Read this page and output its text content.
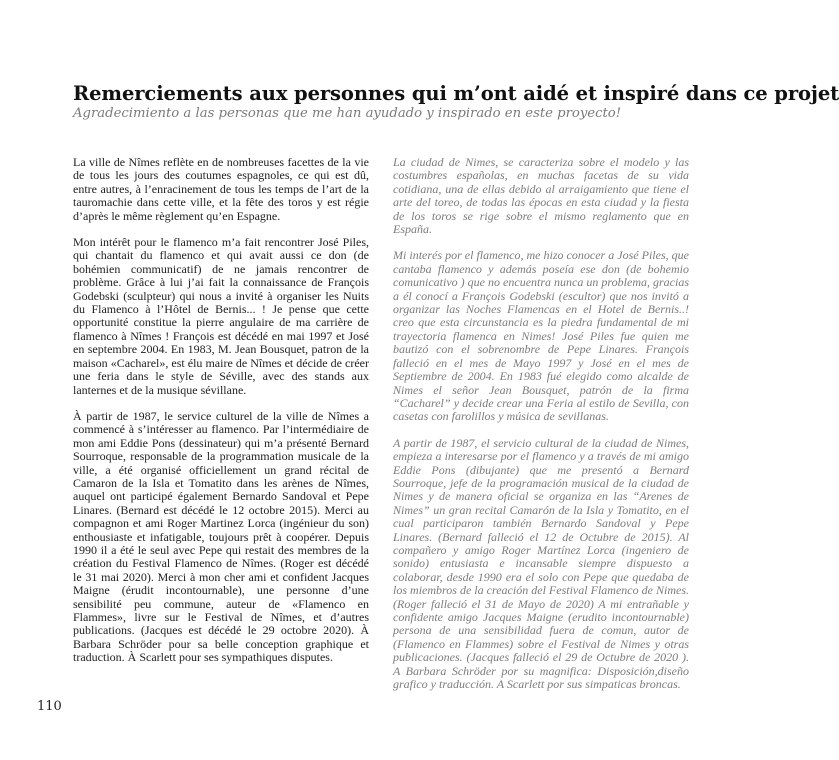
Remerciements aux personnes qui m’ont aidé et inspiré dans ce projet

Agradecimiento a las personas que me han ayudado y inspirado en este proyecto!

La ville de Nîmes reflète en de nombreuses facettes de la vie de tous les jours des coutumes espagnoles, ce qui est dû, entre autres, à l’enracinement de tous les temps de l’art de la tauromachie dans cette ville, et la fête des toros y est régie d’après le même règlement qu’en Espagne.

Mon intérêt pour le flamenco m’a fait rencontrer José Piles, qui chantait du flamenco et qui avait aussi ce don (de bohémien communicatif) de ne jamais rencontrer de problème. Grâce à lui j’ai fait la connaissance de François Godebski (sculpteur) qui nous a invité à organiser les Nuits du Flamenco à l’Hôtel de Bernis... ! Je pense que cette opportunité constitue la pierre angulaire de ma carrière de flamenco à Nîmes ! François est décédé en mai 1997 et José en septembre 2004. En 1983, M. Jean Bousquet, patron de la maison «Cacharel», est élu maire de Nîmes et décide de créer une feria dans le style de Séville, avec des stands aux lanternes et de la musique sévillane.

À partir de 1987, le service culturel de la ville de Nîmes a commencé à s’intéresser au flamenco. Par l’intermédiaire de mon ami Eddie Pons (dessinateur) qui m’a présenté Bernard Sourroque, responsable de la programmation musicale de la ville, a été organisé officiellement un grand récital de Camaron de la Isla et Tomatito dans les arènes de Nîmes, auquel ont participé également Bernardo Sandoval et Pepe Linares. (Bernard est décédé le 12 octobre 2015). Merci au compagnon et ami Roger Martinez Lorca (ingénieur du son) enthousiaste et infatigable, toujours prêt à coopérer. Depuis 1990 il a été le seul avec Pepe qui restait des membres de la création du Festival Flamenco de Nîmes. (Roger est décédé le 31 mai 2020). Merci à mon cher ami et confident Jacques Maigne (érudit incontournable), une personne d’une sensibilité peu commune, auteur de «Flamenco en Flammes», livre sur le Festival de Nîmes, et d’autres publications. (Jacques est décédé le 29 octobre 2020). À Barbara Schröder pour sa belle conception graphique et traduction. À Scarlett pour ses sympathiques disputes.

La ciudad de Nimes, se caracteriza sobre el modelo y las costumbres españolas, en muchas facetas de su vida cotidiana, una de ellas debido al arraigamiento que tiene el arte del toreo, de todas las épocas en esta ciudad y la fiesta de los toros se rige sobre el mismo reglamento que en España.

Mi interés por el flamenco, me hizo conocer a José Piles, que cantaba flamenco y además poseía ese don (de bohemio comunicativo ) que no encuentra nunca un problema, gracias a él conocí a François Godebski (escultor) que nos invitó a organizar las Noches Flamencas en el Hotel de Bernis..! creo que esta circunstancia es la piedra fundamental de mi trayectoria flamenca en Nimes! José Piles fue quien me bautizó con el sobrenombre de Pepe Linares. François falleció en el mes de Mayo 1997 y José en el mes de Septiembre de 2004. En 1983 fué elegido como alcalde de Nimes el señor Jean Bousquet, patrón de la firma “Cacharel” y decide crear una Feria al estilo de Sevilla, con casetas con farolillos y música de sevillanas.

A partir de 1987, el servicio cultural de la ciudad de Nimes, empieza a interesarse por el flamenco y a través de mi amigo Eddie Pons (dibujante) que me presentó a Bernard Sourroque, jefe de la programación musical de la ciudad de Nimes y de manera oficial se organiza en las “Arenes de Nimes” un gran recital Camarón de la Isla y Tomatito, en el cual participaron también Bernardo Sandoval y Pepe Linares. (Bernard falleció el 12 de Octubre de 2015). Al compañero y amigo Roger Martínez Lorca (ingeniero de sonido) entusiasta e incansable siempre dispuesto a colaborar, desde 1990 era el solo con Pepe que quedaba de los miembros de la creación del Festival Flamenco de Nimes. (Roger falleció el 31 de Mayo de 2020) A mi entrañable y confidente amigo Jacques Maigne (erudito incontournable) persona de una sensibilidad fuera de comun, autor de (Flamenco en Flammes) sobre el Festival de Nimes y otras publicaciones. (Jacques falleció el 29 de Octubre de 2020 ). A Barbara Schröder por su magnifica: Disposición,diseño grafico y traducción. A Scarlett por sus simpaticas broncas.

110
